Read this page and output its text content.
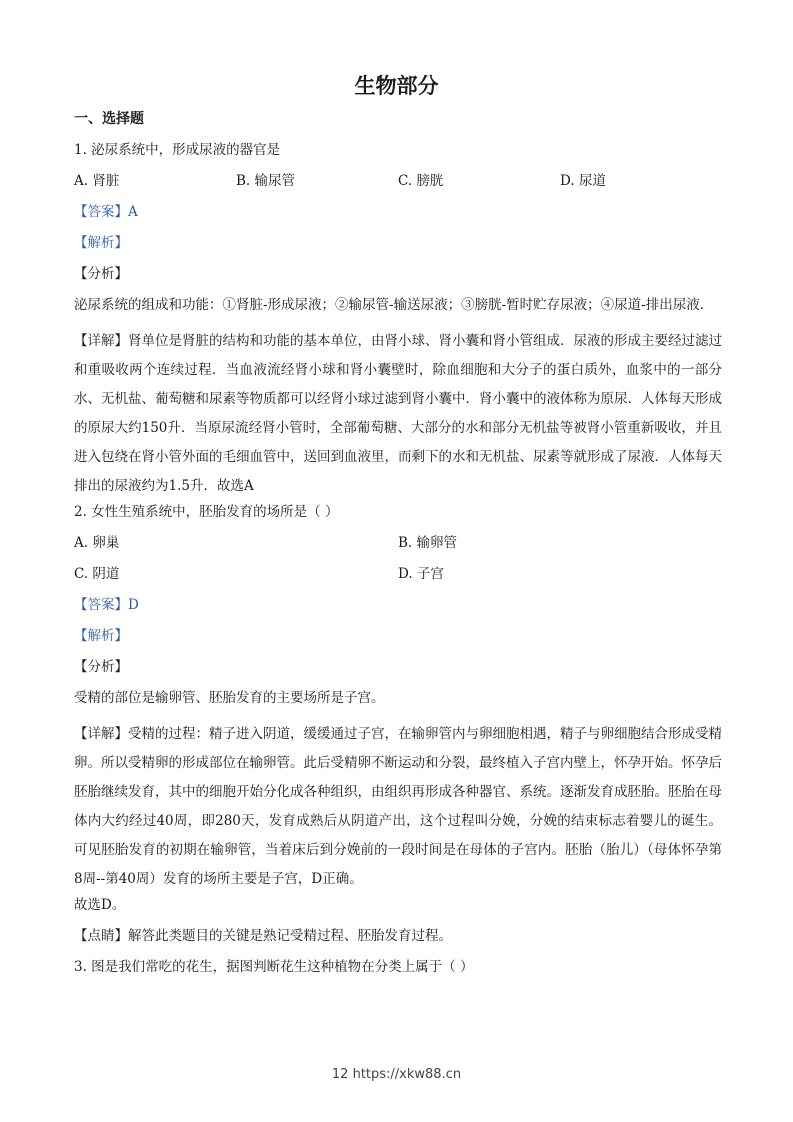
生物部分
一、选择题
1. 泌尿系统中，形成尿液的器官是
A. 肾脏	B. 输尿管	C. 膀胱	D. 尿道
【答案】A
【解析】
【分析】
泌尿系统的组成和功能：①肾脏-形成尿液；②输尿管-输送尿液；③膀胱-暂时贮存尿液；④尿道-排出尿液．

【详解】肾单位是肾脏的结构和功能的基本单位，由肾小球、肾小囊和肾小管组成．尿液的形成主要经过滤过和重吸收两个连续过程．当血液流经肾小球和肾小囊壁时，除血细胞和大分子的蛋白质外，血浆中的一部分水、无机盐、葡萄糖和尿素等物质都可以经肾小球过滤到肾小囊中．肾小囊中的液体称为原尿．人体每天形成的原尿大约150升．当原尿流经肾小管时，全部葡萄糖、大部分的水和部分无机盐等被肾小管重新吸收，并且进入包绕在肾小管外面的毛细血管中，送回到血液里，而剩下的水和无机盐、尿素等就形成了尿液．人体每天排出的尿液约为1.5升．故选A

2. 女性生殖系统中，胚胎发育的场所是（ ）
A. 卵巢	B. 输卵管
C. 阴道	D. 子宫
【答案】D
【解析】
【分析】
受精的部位是输卵管、胚胎发育的主要场所是子宫。

【详解】受精的过程：精子进入阴道，缓缓通过子宫，在输卵管内与卵细胞相遇，精子与卵细胞结合形成受精卵。所以受精卵的形成部位在输卵管。此后受精卵不断运动和分裂，最终植入子宫内壁上，怀孕开始。怀孕后胚胎继续发育，其中的细胞开始分化成各种组织，由组织再形成各种器官、系统。逐渐发育成胚胎。胚胎在母体内大约经过40周，即280天，发育成熟后从阴道产出，这个过程叫分娩，分娩的结束标志着婴儿的诞生。可见胚胎发育的初期在输卵管，当着床后到分娩前的一段时间是在母体的子宫内。胚胎（胎儿）（母体怀孕第8周--第40周）发育的场所主要是子宫，D正确。

故选D。
【点睛】解答此类题目的关键是熟记受精过程、胚胎发育过程。
3. 图是我们常吃的花生，据图判断花生这种植物在分类上属于（ ）
12 https://xkw88.cn
